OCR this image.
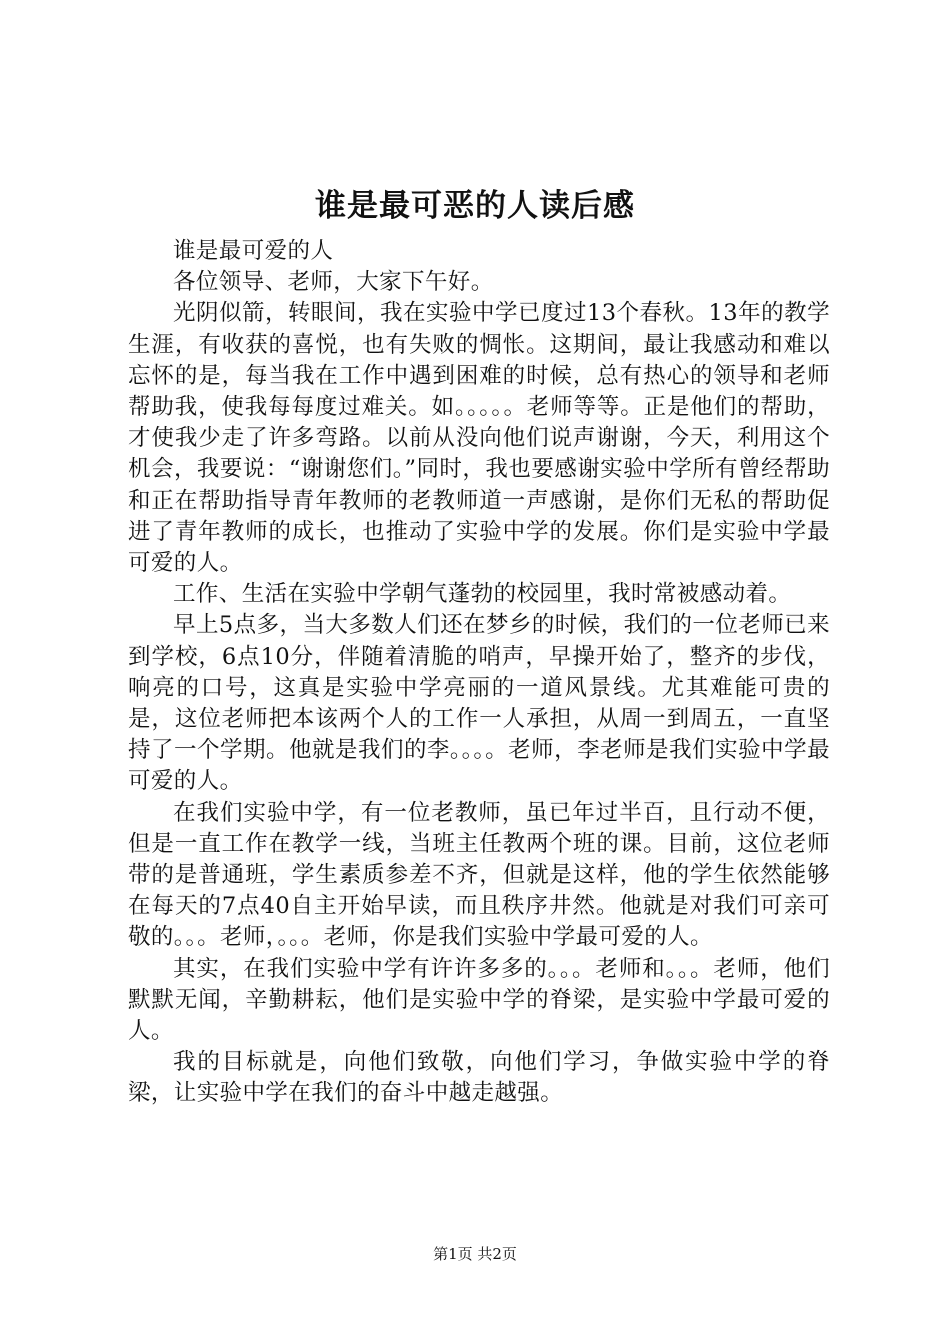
谁是最可恶的人读后感

谁是最可爱的人

各位领导、老师，大家下午好。

光阴似箭，转眼间，我在实验中学已度过13个春秋。13年的教学生涯，有收获的喜悦，也有失败的惆怅。这期间，最让我感动和难以忘怀的是，每当我在工作中遇到困难的时候，总有热心的领导和老师帮助我，使我每每度过难关。如。。。。。老师等等。正是他们的帮助，才使我少走了许多弯路。以前从没向他们说声谢谢，今天，利用这个机会，我要说：“谢谢您们。”同时，我也要感谢实验中学所有曾经帮助和正在帮助指导青年教师的老教师道一声感谢，是你们无私的帮助促进了青年教师的成长，也推动了实验中学的发展。你们是实验中学最可爱的人。

工作、生活在实验中学朝气蓬勃的校园里，我时常被感动着。

早上5点多，当大多数人们还在梦乡的时候，我们的一位老师已来到学校，6点10分，伴随着清脆的哨声，早操开始了，整齐的步伐，响亮的口号，这真是实验中学亮丽的一道风景线。尤其难能可贵的是，这位老师把本该两个人的工作一人承担，从周一到周五，一直坚持了一个学期。他就是我们的李。。。。老师，李老师是我们实验中学最可爱的人。

在我们实验中学，有一位老教师，虽已年过半百，且行动不便，但是一直工作在教学一线，当班主任教两个班的课。目前，这位老师带的是普通班，学生素质参差不齐，但就是这样，他的学生依然能够在每天的7点40自主开始早读，而且秩序井然。他就是对我们可亲可敬的。。。老师，。。。老师，你是我们实验中学最可爱的人。

其实，在我们实验中学有许许多多的。。。老师和。。。老师，他们默默无闻，辛勤耕耘，他们是实验中学的脊梁，是实验中学最可爱的人。

我的目标就是，向他们致敬，向他们学习，争做实验中学的脊梁，让实验中学在我们的奋斗中越走越强。

第1页 共2页
